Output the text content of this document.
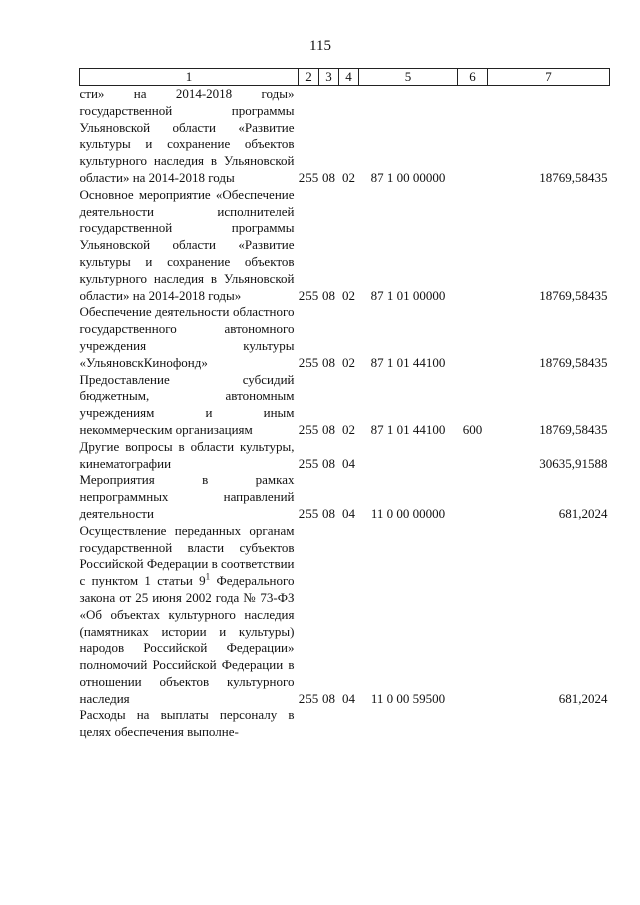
115
1	2	3	4	5	6	7
сти» на 2014-2018 годы» государственной программы Ульяновской области «Развитие культуры и сохранение объектов культурного наследия в Ульяновской области» на 2014-2018 годы	255	08	02	87 1 00 00000		18769,58435
Основное мероприятие «Обеспечение деятельности исполнителей государственной программы Ульяновской области «Развитие культуры и сохранение объектов культурного наследия в Ульяновской области» на 2014-2018 годы»	255	08	02	87 1 01 00000		18769,58435
Обеспечение деятельности областного государственного автономного учреждения культуры «УльяновскКинофонд»	255	08	02	87 1 01 44100		18769,58435
Предоставление субсидий бюджетным, автономным учреждениям и иным некоммерческим организациям	255	08	02	87 1 01 44100	600	18769,58435
Другие вопросы в области культуры, кинематографии	255	08	04			30635,91588
Мероприятия в рамках непрограммных направлений деятельности	255	08	04	11 0 00 00000		681,2024
Осуществление переданных органам государственной власти субъектов Российской Федерации в соответствии с пунктом 1 статьи $9^1$ Федерального закона от 25 июня 2002 года № 73-ФЗ «Об объектах культурного наследия (памятниках истории и культуры) народов Российской Федерации» полномочий Российской Федерации в отношении объектов культурного наследия	255	08	04	11 0 00 59500		681,2024
Расходы на выплаты персоналу в целях обеспечения выполне-						
